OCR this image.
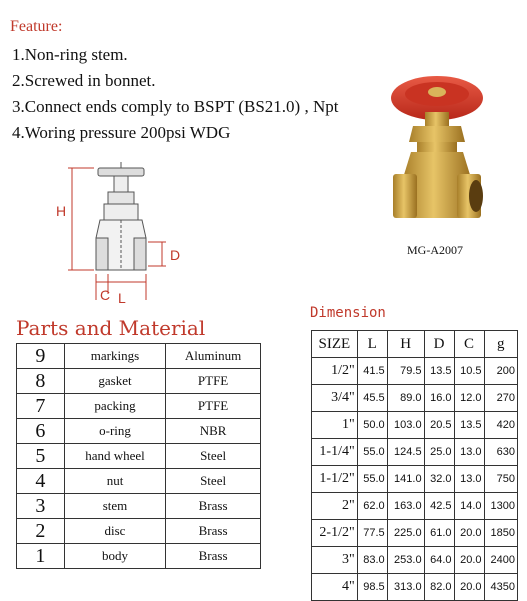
Feature:
1.Non-ring stem.
2.Screwed in bonnet.
3.Connect ends comply to BSPT (BS21.0) , Npt
4.Woring pressure 200psi WDG
H
D
C L
MG-A2007
Parts and Material
9	markings	Aluminum
8	gasket	PTFE
7	packing	PTFE
6	o-ring	NBR
5	hand wheel	Steel
4	nut	Steel
3	stem	Brass
2	disc	Brass
1	body	Brass
Dimension
SIZE	L	H	D	C	g
1/2"	41.5	79.5	13.5	10.5	200
3/4"	45.5	89.0	16.0	12.0	270
1"	50.0	103.0	20.5	13.5	420
1-1/4"	55.0	124.5	25.0	13.0	630
1-1/2"	55.0	141.0	32.0	13.0	750
2"	62.0	163.0	42.5	14.0	1300
2-1/2"	77.5	225.0	61.0	20.0	1850
3"	83.0	253.0	64.0	20.0	2400
4"	98.5	313.0	82.0	20.0	4350
